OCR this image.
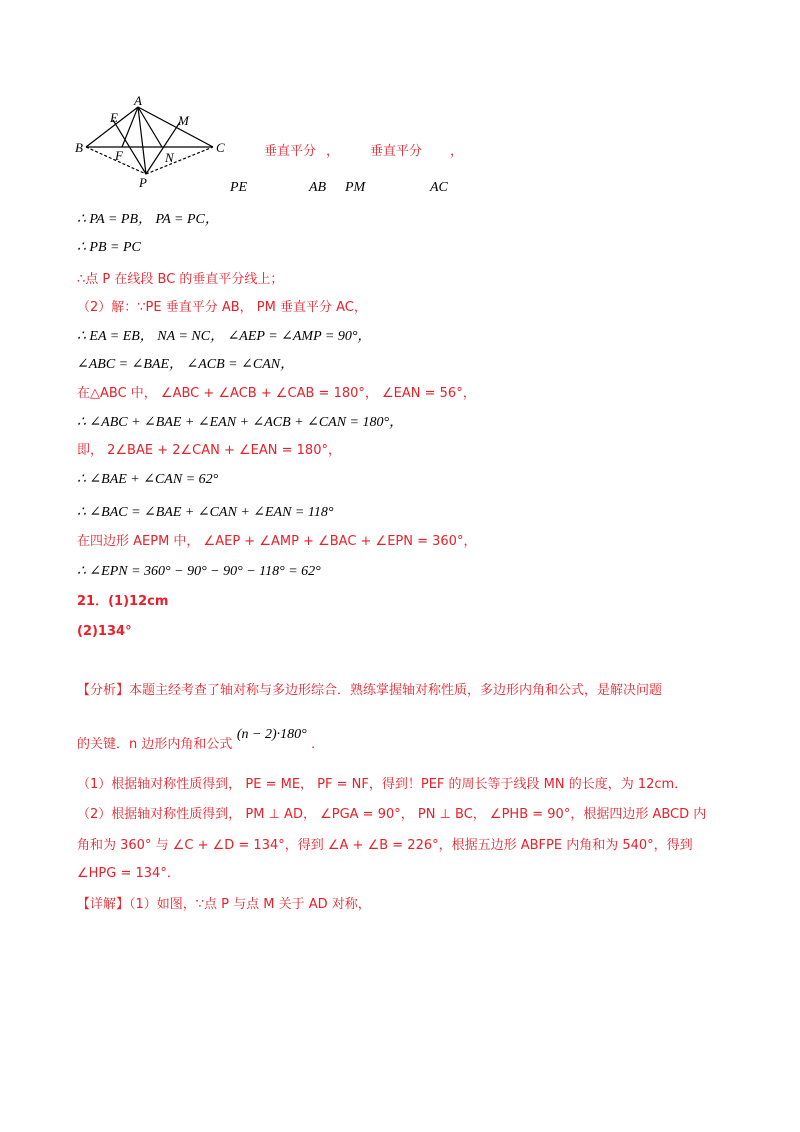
A
E	M
B
F	N
C
P
垂直平分 ， 垂直平分 ，
PE	AB PM	AC
∴ PA = PB， PA = PC，
∴ PB = PC
∴点 P 在线段 BC 的垂直平分线上；
（2）解：∵PE 垂直平分 AB， PM 垂直平分 AC，
∴ EA = EB， NA = NC， ∠AEP = ∠AMP = 90°，
∠ABC = ∠BAE， ∠ACB = ∠CAN，
在△ABC 中， ∠ABC + ∠ACB + ∠CAB = 180°， ∠EAN = 56°，
∴ ∠ABC + ∠BAE + ∠EAN + ∠ACB + ∠CAN = 180°，
即， 2∠BAE + 2∠CAN + ∠EAN = 180°，
∴ ∠BAE + ∠CAN = 62°
∴ ∠BAC = ∠BAE + ∠CAN + ∠EAN = 118°
在四边形 AEPM 中， ∠AEP + ∠AMP + ∠BAC + ∠EPN = 360°，
∴ ∠EPN = 360° − 90° − 90° − 118° = 62°
21．(1)12cm
(2)134°
【分析】本题主经考查了轴对称与多边形综合．熟练掌握轴对称性质，多边形内角和公式，是解决问题
的关键．n 边形内角和公式 (n − 2)·180° ．
（1）根据轴对称性质得到， PE = ME， PF = NF，得到！PEF 的周长等于线段 MN 的长度，为 12cm．
（2）根据轴对称性质得到， PM ⊥ AD， ∠PGA = 90°， PN ⊥ BC， ∠PHB = 90°，根据四边形 ABCD 内
角和为 360° 与 ∠C + ∠D = 134°，得到 ∠A + ∠B = 226°，根据五边形 ABFPE 内角和为 540°，得到
∠HPG = 134°．
【详解】（1）如图，∵点 P 与点 M 关于 AD 对称，
